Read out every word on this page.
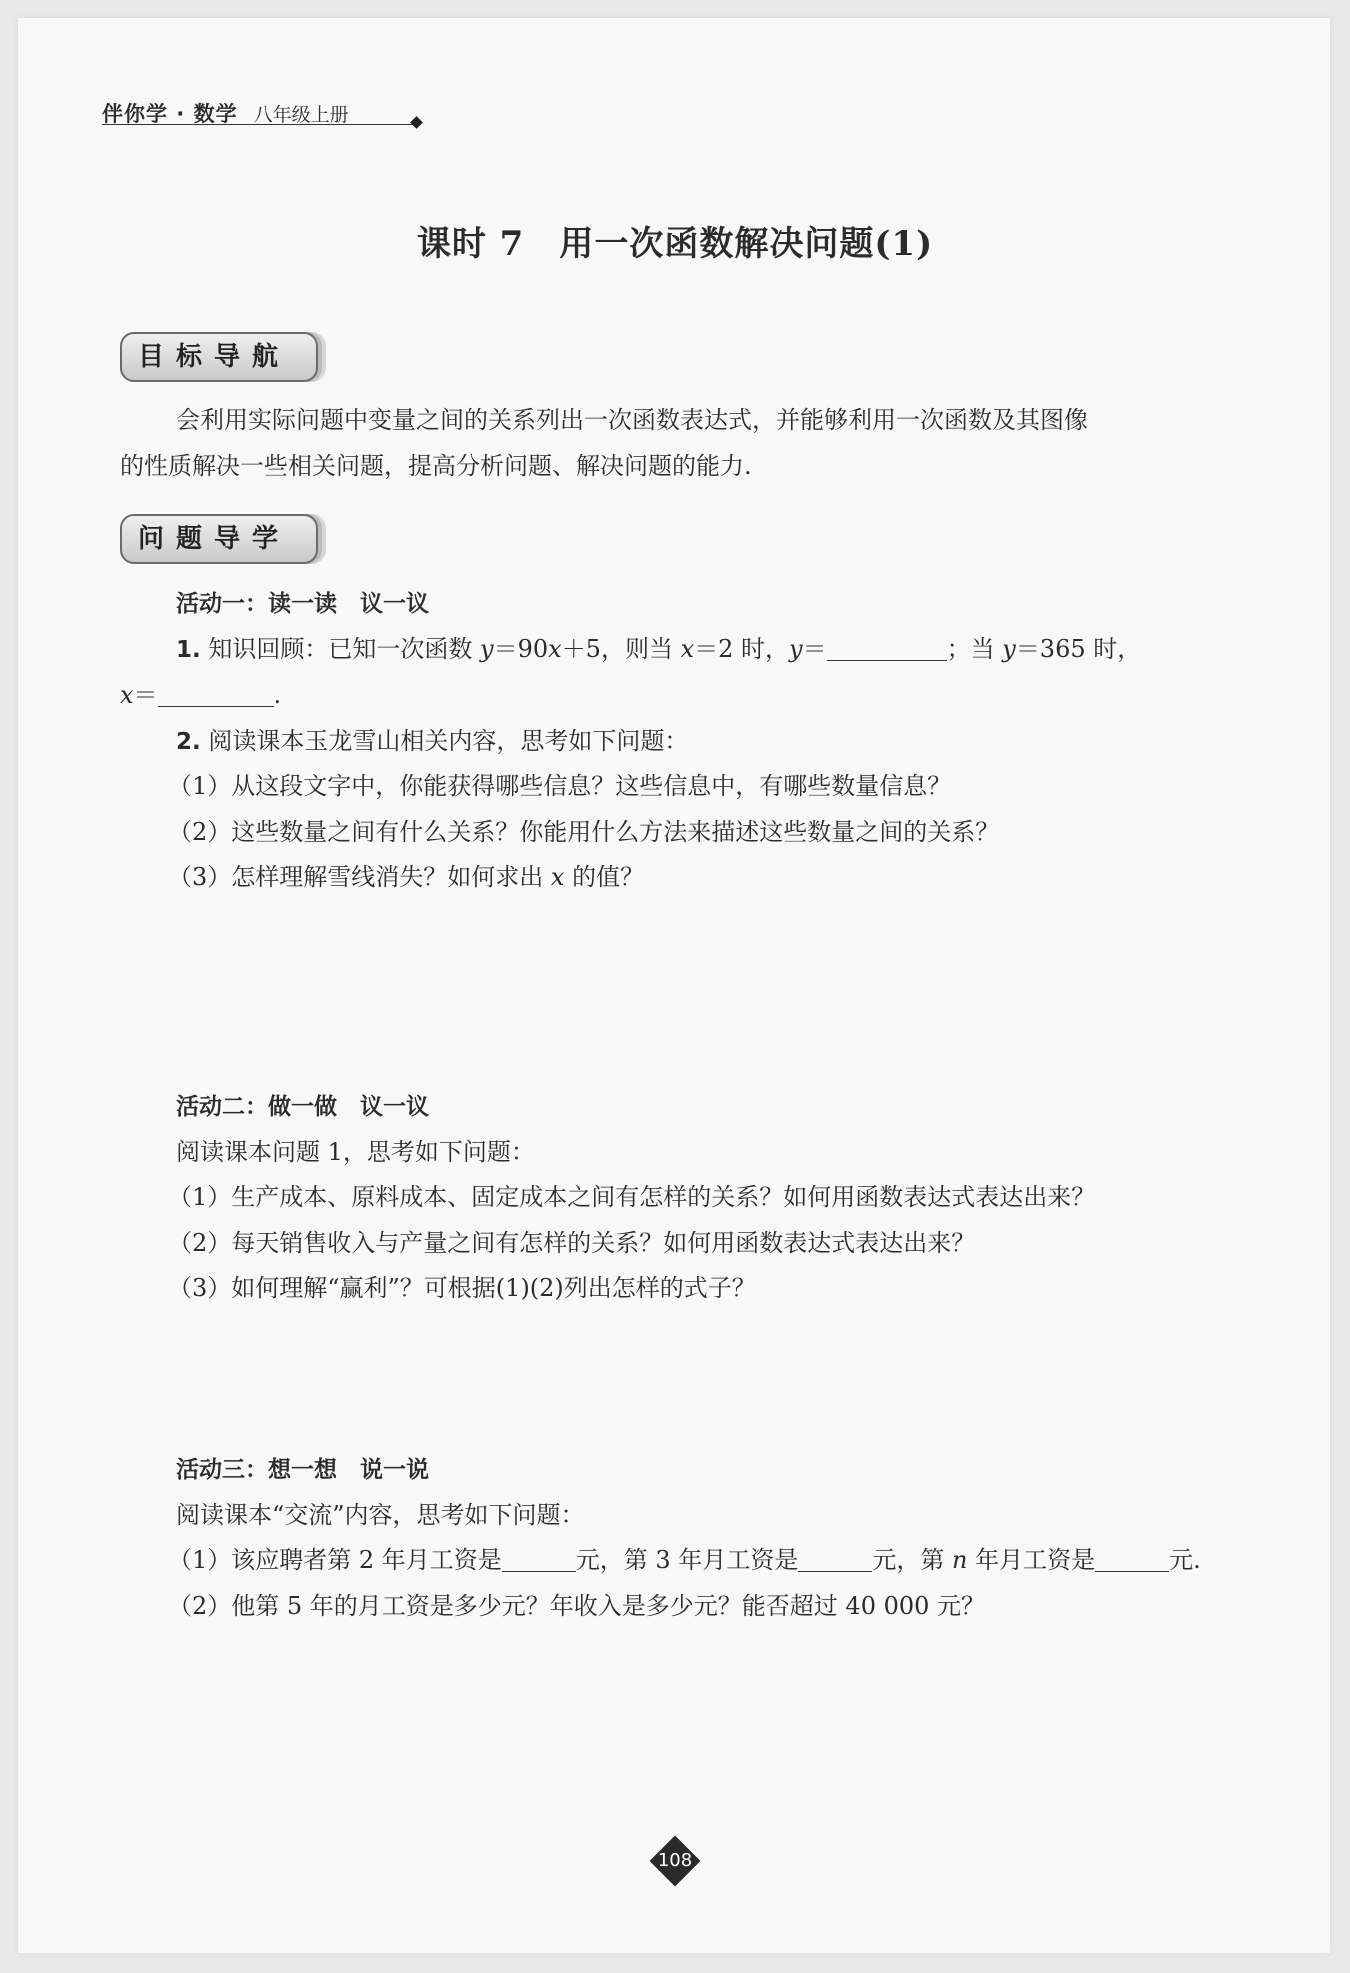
伴你学 · 数学 八年级上册
课时 7　用一次函数解决问题(1)
目标导航
会利用实际问题中变量之间的关系列出一次函数表达式，并能够利用一次函数及其图像
的性质解决一些相关问题，提高分析问题、解决问题的能力.
问题导学
活动一：读一读　议一议
1. 知识回顾：已知一次函数 y＝90x＋5，则当 x＝2 时，y＝	；当 y＝365 时，
x＝	.
2. 阅读课本玉龙雪山相关内容，思考如下问题：
（1）从这段文字中，你能获得哪些信息？这些信息中，有哪些数量信息？
（2）这些数量之间有什么关系？你能用什么方法来描述这些数量之间的关系？
（3）怎样理解雪线消失？如何求出 x 的值？
活动二：做一做　议一议
阅读课本问题 1，思考如下问题：
（1）生产成本、原料成本、固定成本之间有怎样的关系？如何用函数表达式表达出来？
（2）每天销售收入与产量之间有怎样的关系？如何用函数表达式表达出来？
（3）如何理解“赢利”？可根据(1)(2)列出怎样的式子？
活动三：想一想　说一说
阅读课本“交流”内容，思考如下问题：
（1）该应聘者第 2 年月工资是	元，第 3 年月工资是	元，第 n 年月工资是	元.
（2）他第 5 年的月工资是多少元？年收入是多少元？能否超过 40 000 元？
108
